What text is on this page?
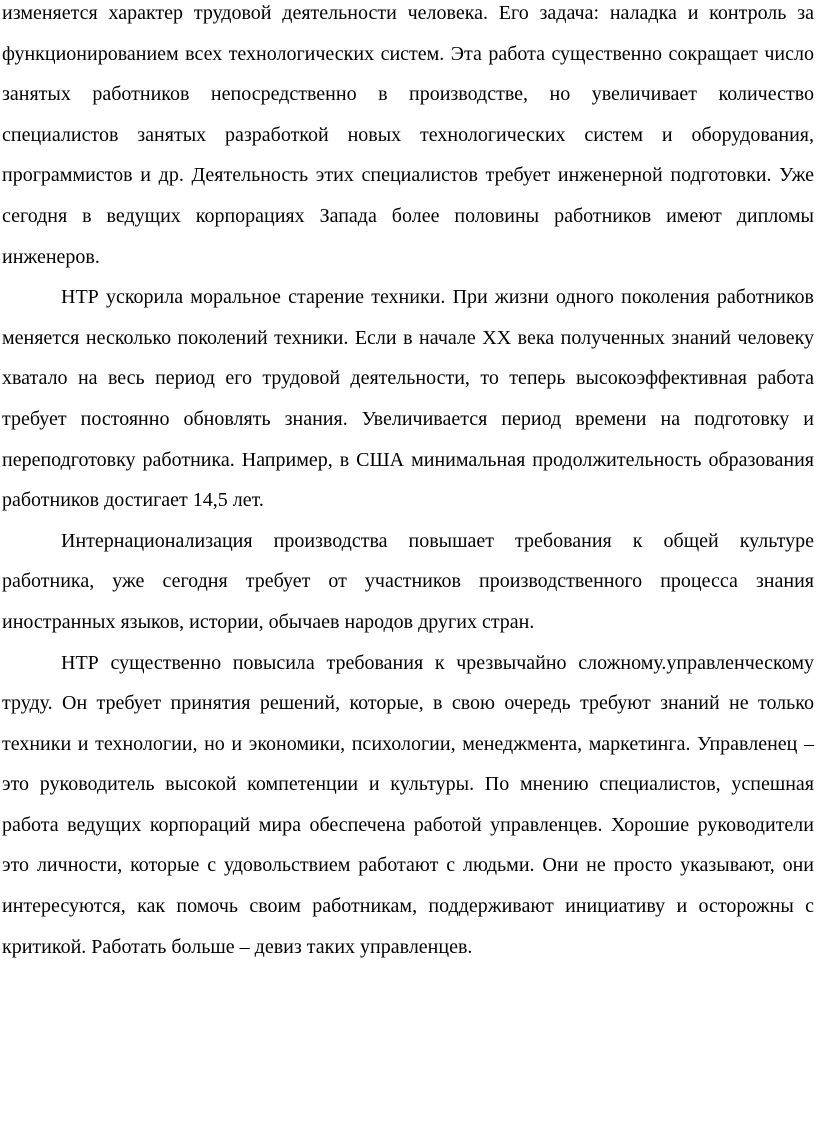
изменяется характер трудовой деятельности человека. Его задача: наладка и контроль за функционированием всех технологических систем. Эта работа существенно сокращает число занятых работников непосредственно в производстве, но увеличивает количество специалистов занятых разработкой новых технологических систем и оборудования, программистов и др. Деятельность этих специалистов требует инженерной подготовки. Уже сегодня в ведущих корпорациях Запада более половины работников имеют дипломы инженеров.

НТР ускорила моральное старение техники. При жизни одного поколения работников меняется несколько поколений техники. Если в начале XX века полученных знаний человеку хватало на весь период его трудовой деятельности, то теперь высокоэффективная работа требует постоянно обновлять знания. Увеличивается период времени на подготовку и переподготовку работника. Например, в США минимальная продолжительность образования работников достигает 14,5 лет.

Интернационализация производства повышает требования к общей культуре работника, уже сегодня требует от участников производственного процесса знания иностранных языков, истории, обычаев народов других стран.

НТР существенно повысила требования к чрезвычайно сложному.управленческому труду. Он требует принятия решений, которые, в свою очередь требуют знаний не только техники и технологии, но и экономики, психологии, менеджмента, маркетинга. Управленец – это руководитель высокой компетенции и культуры. По мнению специалистов, успешная работа ведущих корпораций мира обеспечена работой управленцев. Хорошие руководители это личности, которые с удовольствием работают с людьми. Они не просто указывают, они интересуются, как помочь своим работникам, поддерживают инициативу и осторожны с критикой. Работать больше – девиз таких управленцев.
